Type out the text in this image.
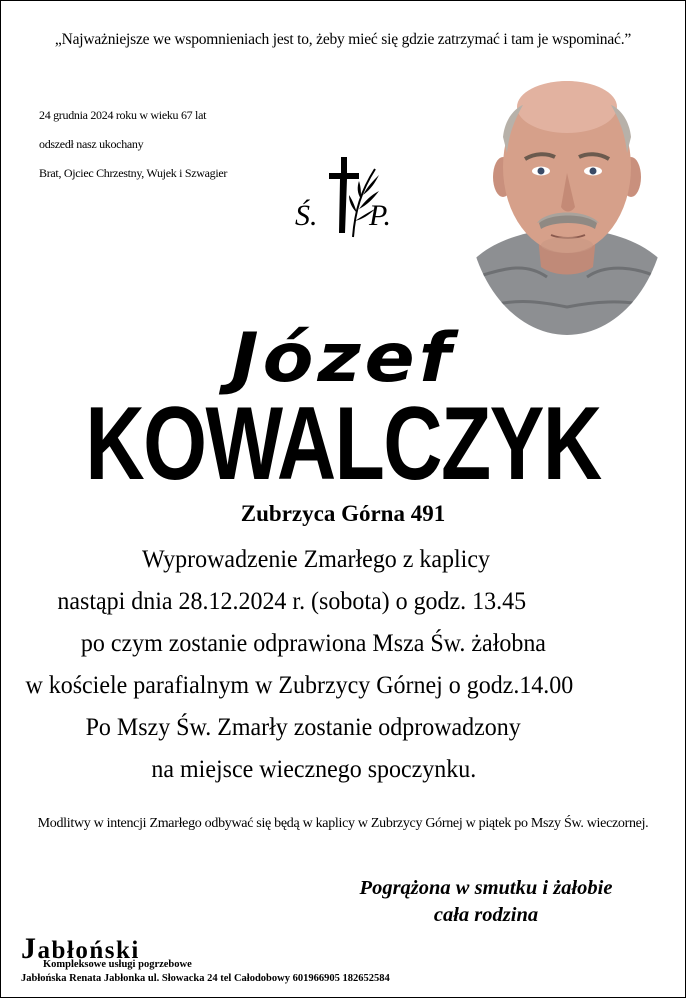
„Najważniejsze we wspomnieniach jest to, żeby mieć się gdzie zatrzymać i tam je wspominać.”
24 grudnia 2024 roku w wieku 67 lat
odszedł nasz ukochany
Brat, Ojciec Chrzestny, Wujek i Szwagier
Ś. P.
Józef
KOWALCZYK
Zubrzyca Górna 491
Wyprowadzenie Zmarłego z kaplicy
nastąpi dnia 28.12.2024 r. (sobota) o godz. 13.45
po czym zostanie odprawiona Msza Św. żałobna
w kościele parafialnym w Zubrzycy Górnej o godz.14.00
Po Mszy Św. Zmarły zostanie odprowadzony
na miejsce wiecznego spoczynku.
Modlitwy w intencji Zmarłego odbywać się będą w kaplicy w Zubrzycy Górnej w piątek po Mszy Św. wieczornej.
Pogrążona w smutku i żałobie
cała rodzina
Jabłoński
Kompleksowe usługi pogrzebowe
Jabłońska Renata Jabłonka ul. Słowacka 24 tel Całodobowy 601966905 182652584
